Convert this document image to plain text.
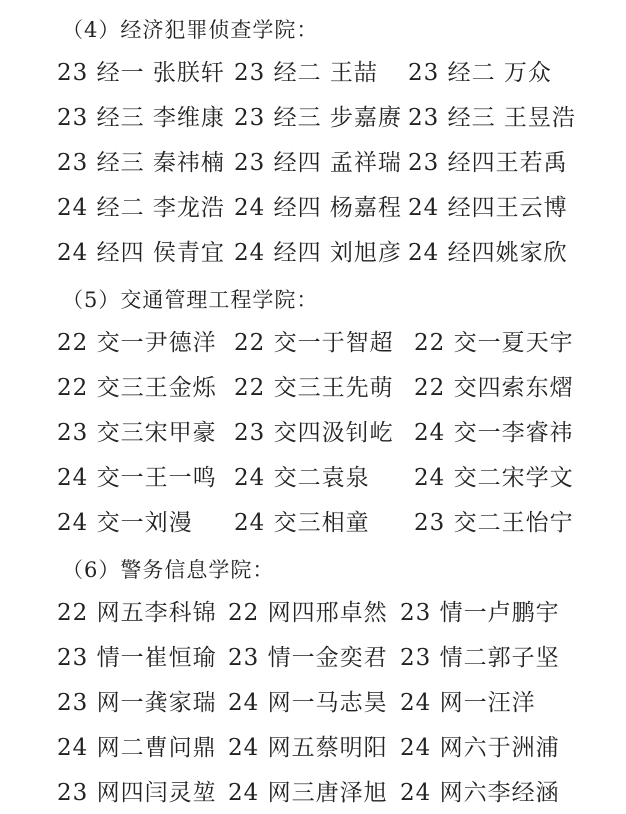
（4）经济犯罪侦查学院：
23 经一 张朕轩 23 经二 王喆 23 经二 万众
23 经三 李维康 23 经三 步嘉赓 23 经三 王昱浩
23 经三 秦祎楠 23 经四 孟祥瑞 23 经四王若禹
24 经二 李龙浩 24 经四 杨嘉程 24 经四王云博
24 经四 侯青宜 24 经四 刘旭彦 24 经四姚家欣
（5）交通管理工程学院：
22 交一尹德洋 22 交一于智超 22 交一夏天宇
22 交三王金烁 22 交三王先萌 22 交四索东熠
23 交三宋甲豪 23 交四汲钊屹 24 交一李睿祎
24 交一王一鸣 24 交二袁泉 24 交二宋学文
24 交一刘漫 24 交三相童 23 交二王怡宁
（6）警务信息学院：
22 网五李科锦 22 网四邢卓然 23 情一卢鹏宇
23 情一崔恒瑜 23 情一金奕君 23 情二郭子坚
23 网一龚家瑞 24 网一马志昊 24 网一汪洋
24 网二曹问鼎 24 网五蔡明阳 24 网六于洲浦
23 网四闫灵堃 24 网三唐泽旭 24 网六李经涵
